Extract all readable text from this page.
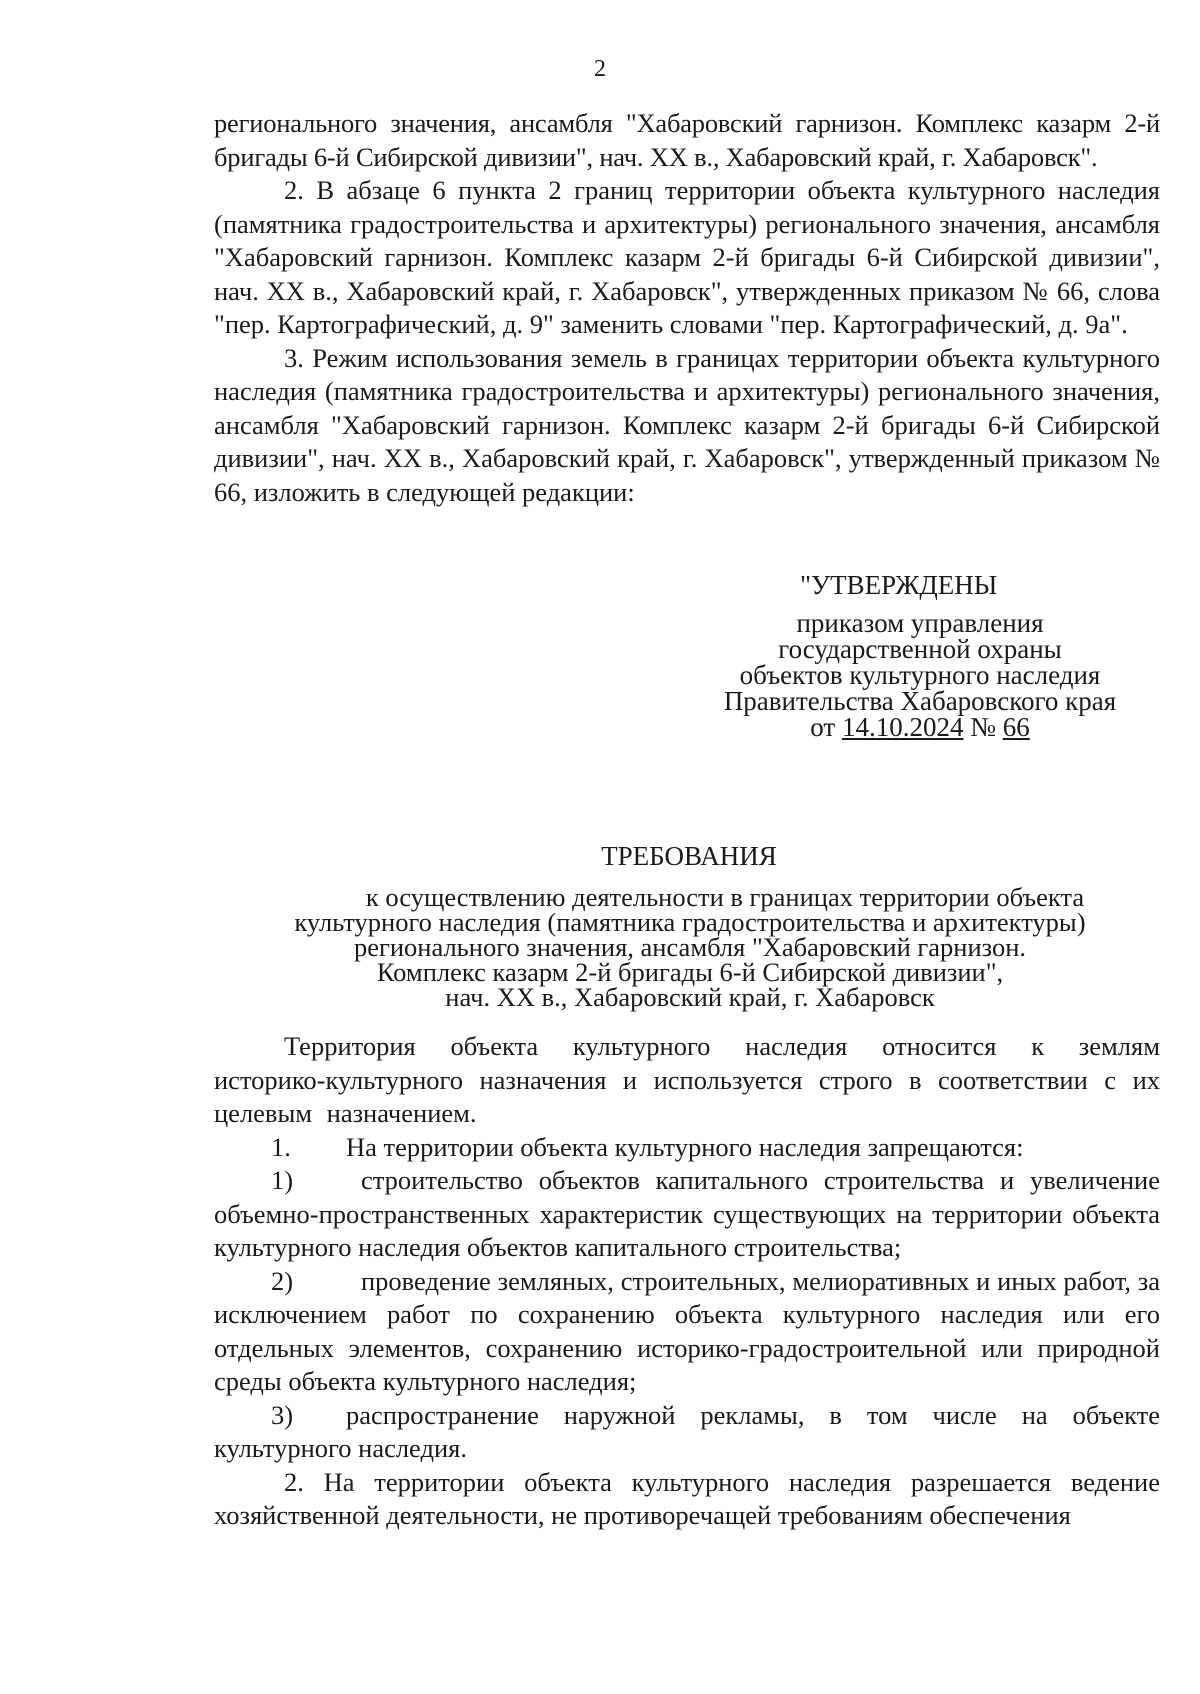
2

регионального значения, ансамбля "Хабаровский гарнизон. Комплекс казарм 2-й бригады 6-й Сибирской дивизии", нач. XX в., Хабаровский край, г. Хабаровск".

2. В абзаце 6 пункта 2 границ территории объекта культурного наследия (памятника градостроительства и архитектуры) регионального значения, ансамбля "Хабаровский гарнизон. Комплекс казарм 2-й бригады 6-й Сибирской дивизии", нач. XX в., Хабаровский край, г. Хабаровск", утвержденных приказом № 66, слова "пер. Картографический, д. 9" заменить словами "пер. Картографический, д. 9а".

3. Режим использования земель в границах территории объекта культурного наследия (памятника градостроительства и архитектуры) регионального значения, ансамбля "Хабаровский гарнизон. Комплекс казарм 2-й бригады 6-й Сибирской дивизии", нач. XX в., Хабаровский край, г. Хабаровск", утвержденный приказом № 66, изложить в следующей редакции:

"УТВЕРЖДЕНЫ

приказом управления

государственной охраны

объектов культурного наследия

Правительства Хабаровского края

от 14.10.2024 № 66

ТРЕБОВАНИЯ

к осуществлению деятельности в границах территории объекта

культурного наследия (памятника градостроительства и архитектуры)

регионального значения, ансамбля "Хабаровский гарнизон.

Комплекс казарм 2-й бригады 6-й Сибирской дивизии",

нач. XX в., Хабаровский край, г. Хабаровск

Территория объекта культурного наследия относится к землям историко-культурного назначения и используется строго в соответствии с их целевым назначением.

1. На территории объекта культурного наследия запрещаются:

1)	строительство объектов капитального строительства и увеличение объемно-пространственных характеристик существующих на территории объекта культурного наследия объектов капитального строительства;

2)	проведение земляных, строительных, мелиоративных и иных работ, за исключением работ по сохранению объекта культурного наследия или его отдельных элементов, сохранению историко-градостроительной или природной среды объекта культурного наследия;

3) распространение наружной рекламы, в том числе на объекте культурного наследия.

2. На территории объекта культурного наследия разрешается ведение хозяйственной деятельности, не противоречащей требованиям обеспечения
